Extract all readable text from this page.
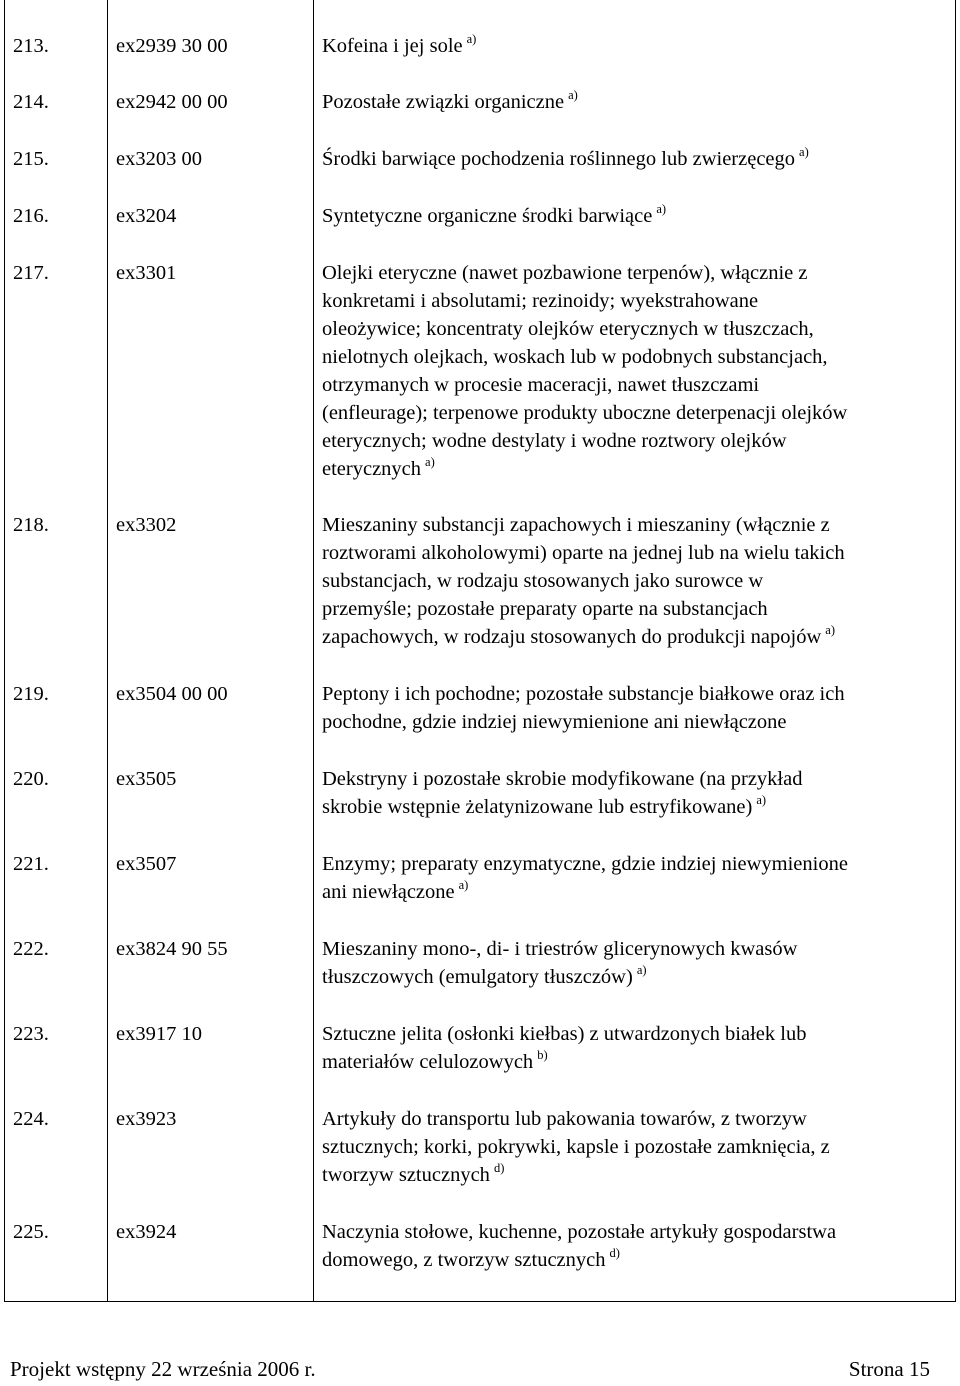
213.	ex2939 30 00	Kofeina i jej sole $^{a)}$
214.	ex2942 00 00	Pozostałe związki organiczne $^{a)}$
215.	ex3203 00	Środki barwiące pochodzenia roślinnego lub zwierzęcego $^{a)}$
216.	ex3204	Syntetyczne organiczne środki barwiące $^{a)}$
217.	ex3301	Olejki eteryczne (nawet pozbawione terpenów), włącznie z
konkretami i absolutami; rezinoidy; wyekstrahowane
oleożywice; koncentraty olejków eterycznych w tłuszczach,
nielotnych olejkach, woskach lub w podobnych substancjach,
otrzymanych w procesie maceracji, nawet tłuszczami
(enfleurage); terpenowe produkty uboczne deterpenacji olejków
eterycznych; wodne destylaty i wodne roztwory olejków
eterycznych $^{a)}$
218.	ex3302	Mieszaniny substancji zapachowych i mieszaniny (włącznie z
roztworami alkoholowymi) oparte na jednej lub na wielu takich
substancjach, w rodzaju stosowanych jako surowce w
przemyśle; pozostałe preparaty oparte na substancjach
zapachowych, w rodzaju stosowanych do produkcji napojów $^{a)}$
219.	ex3504 00 00	Peptony i ich pochodne; pozostałe substancje białkowe oraz ich
pochodne, gdzie indziej niewymienione ani niewłączone
220.	ex3505	Dekstryny i pozostałe skrobie modyfikowane (na przykład
skrobie wstępnie żelatynizowane lub estryfikowane) $^{a)}$
221.	ex3507	Enzymy; preparaty enzymatyczne, gdzie indziej niewymienione
ani niewłączone $^{a)}$
222.	ex3824 90 55	Mieszaniny mono-, di- i triestrów glicerynowych kwasów
tłuszczowych (emulgatory tłuszczów) $^{a)}$
223.	ex3917 10	Sztuczne jelita (osłonki kiełbas) z utwardzonych białek lub
materiałów celulozowych $^{b)}$
224.	ex3923	Artykuły do transportu lub pakowania towarów, z tworzyw
sztucznych; korki, pokrywki, kapsle i pozostałe zamknięcia, z
tworzyw sztucznych $^{d)}$
225.	ex3924	Naczynia stołowe, kuchenne, pozostałe artykuły gospodarstwa
domowego, z tworzyw sztucznych $^{d)}$
Projekt wstępny 22 września 2006 r.	Strona 15
